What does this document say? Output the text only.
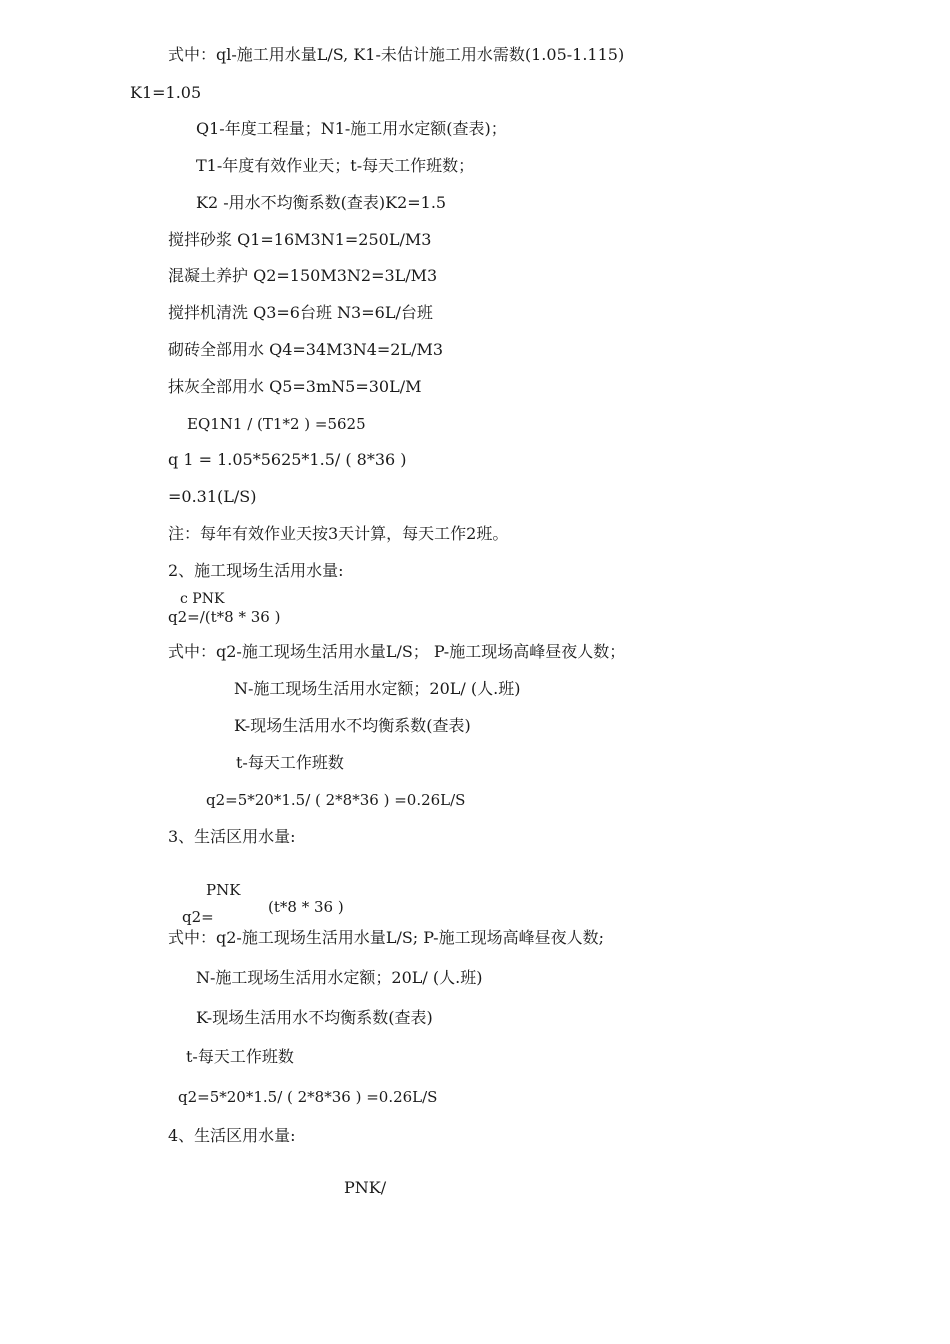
式中：ql-施工用水量L/S, K1-未估计施工用水需数(1.05-1.115)
K1=1.05
Q1-年度工程量；N1-施工用水定额(查表)；
T1-年度有效作业天；t-每天工作班数；
K2 -用水不均衡系数(查表)K2=1.5
搅拌砂浆 Q1=16M3N1=250L/M3
混凝土养护 Q2=150M3N2=3L/M3
搅拌机清洗 Q3=6台班 N3=6L/台班
砌砖全部用水 Q4=34M3N4=2L/M3
抹灰全部用水 Q5=3mN5=30L/M
EQ1N1 / (T1*2 ) =5625
q 1 = 1.05*5625*1.5/ ( 8*36 )
=0.31(L/S)
注：每年有效作业天按3天计算，每天工作2班。
2、施工现场生活用水量:
c PNK
q2=/(t*8 * 36 )
式中：q2-施工现场生活用水量L/S； P-施工现场高峰昼夜人数；
N-施工现场生活用水定额；20L/ (人.班)
K-现场生活用水不均衡系数(查表)
t-每天工作班数
q2=5*20*1.5/ ( 2*8*36 ) =0.26L/S
3、生活区用水量:
PNK
(t*8 * 36 )
q2=
式中：q2-施工现场生活用水量L/S; P-施工现场高峰昼夜人数;
N-施工现场生活用水定额；20L/ (人.班)
K-现场生活用水不均衡系数(查表)
t-每天工作班数
q2=5*20*1.5/ ( 2*8*36 ) =0.26L/S
4、生活区用水量:
PNK/
